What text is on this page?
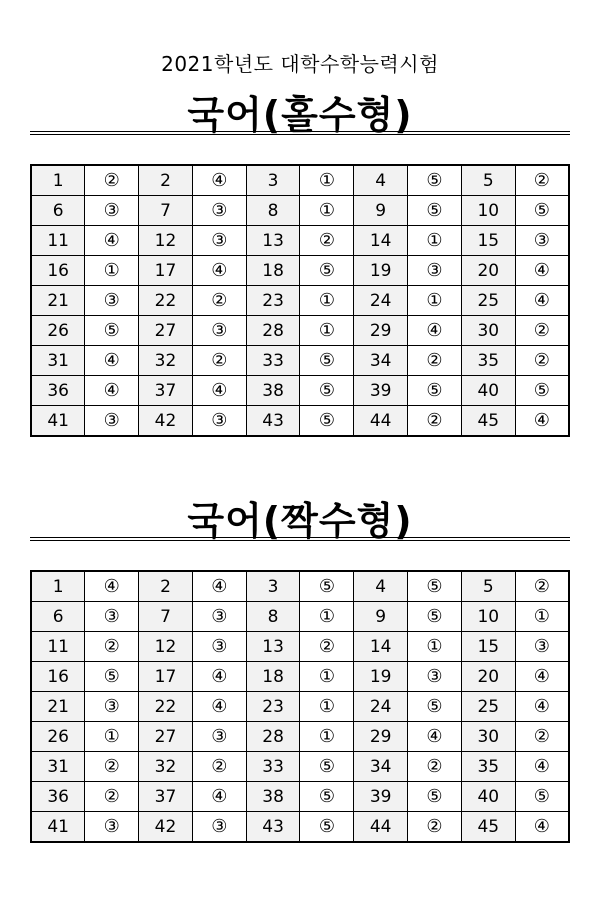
2021학년도 대학수학능력시험
국어(홀수형)
1	②	2	④	3	①	4	⑤	5	②
6	③	7	③	8	①	9	⑤	10	⑤
11	④	12	③	13	②	14	①	15	③
16	①	17	④	18	⑤	19	③	20	④
21	③	22	②	23	①	24	①	25	④
26	⑤	27	③	28	①	29	④	30	②
31	④	32	②	33	⑤	34	②	35	②
36	④	37	④	38	⑤	39	⑤	40	⑤
41	③	42	③	43	⑤	44	②	45	④
국어(짝수형)
1	④	2	④	3	⑤	4	⑤	5	②
6	③	7	③	8	①	9	⑤	10	①
11	②	12	③	13	②	14	①	15	③
16	⑤	17	④	18	①	19	③	20	④
21	③	22	④	23	①	24	⑤	25	④
26	①	27	③	28	①	29	④	30	②
31	②	32	②	33	⑤	34	②	35	④
36	②	37	④	38	⑤	39	⑤	40	⑤
41	③	42	③	43	⑤	44	②	45	④
